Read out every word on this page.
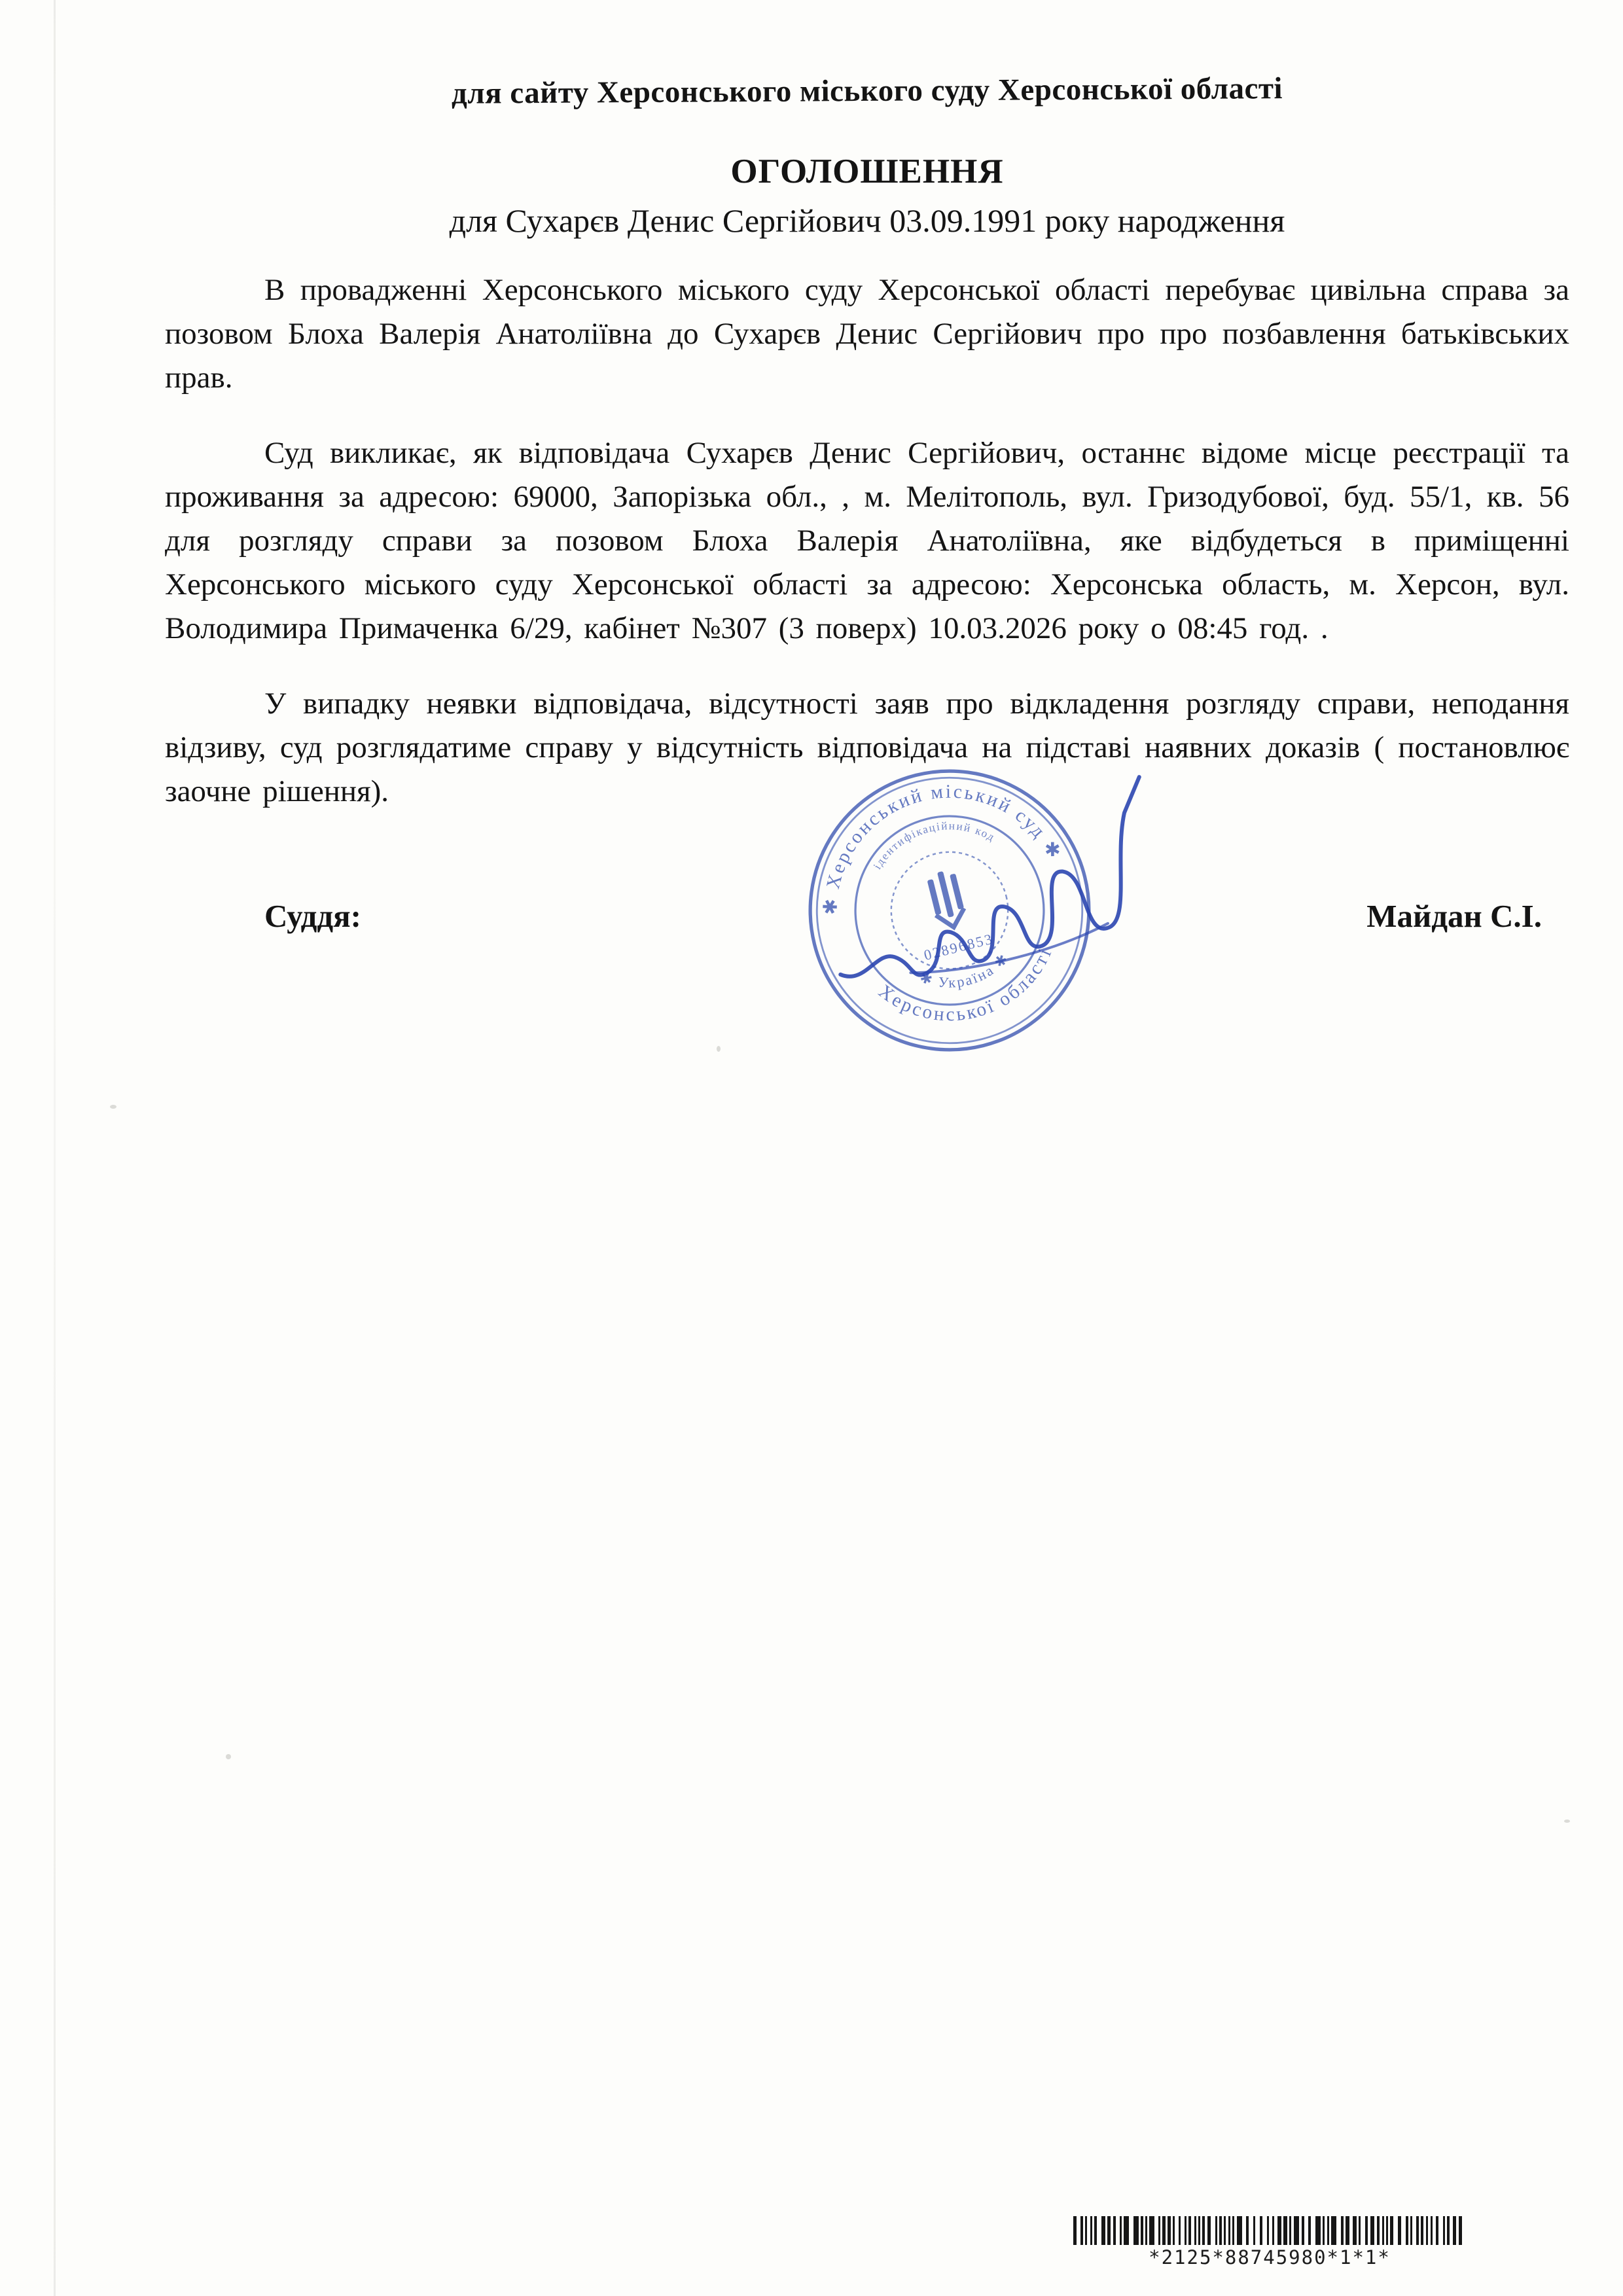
для сайту Херсонського міського суду Херсонської області
ОГОЛОШЕННЯ
для Сухарєв Денис Сергійович 03.09.1991 року народження

В провадженні Херсонського міського суду Херсонської області перебуває цивільна справа за позовом Блоха Валерія Анатоліївна до Сухарєв Денис Сергійович про про позбавлення батьківських прав.

Суд викликає, як відповідача Сухарєв Денис Сергійович, останнє відоме місце реєстрації та проживання за адресою: 69000, Запорізька обл., , м. Мелітополь, вул. Гризодубової, буд. 55/1, кв. 56 для розгляду справи за позовом Блоха Валерія Анатоліївна, яке відбудеться в приміщенні Херсонського міського суду Херсонської області за адресою: Херсонська область, м. Херсон, вул. Володимира Примаченка 6/29, кабінет №307 (3 поверх) 10.03.2026 року о 08:45 год. .

У випадку неявки відповідача, відсутності заяв про відкладення розгляду справи, неподання відзиву, суд розглядатиме справу у відсутність відповідача на підставі наявних доказів ( постановлює заочне рішення).

Суддя:	Майдан С.І.
✱ Херсонський міський суд ✱
Херсонської області
ідентифікаційний код
✱ Україна ✱
02896853
*2125*88745980*1*1*
